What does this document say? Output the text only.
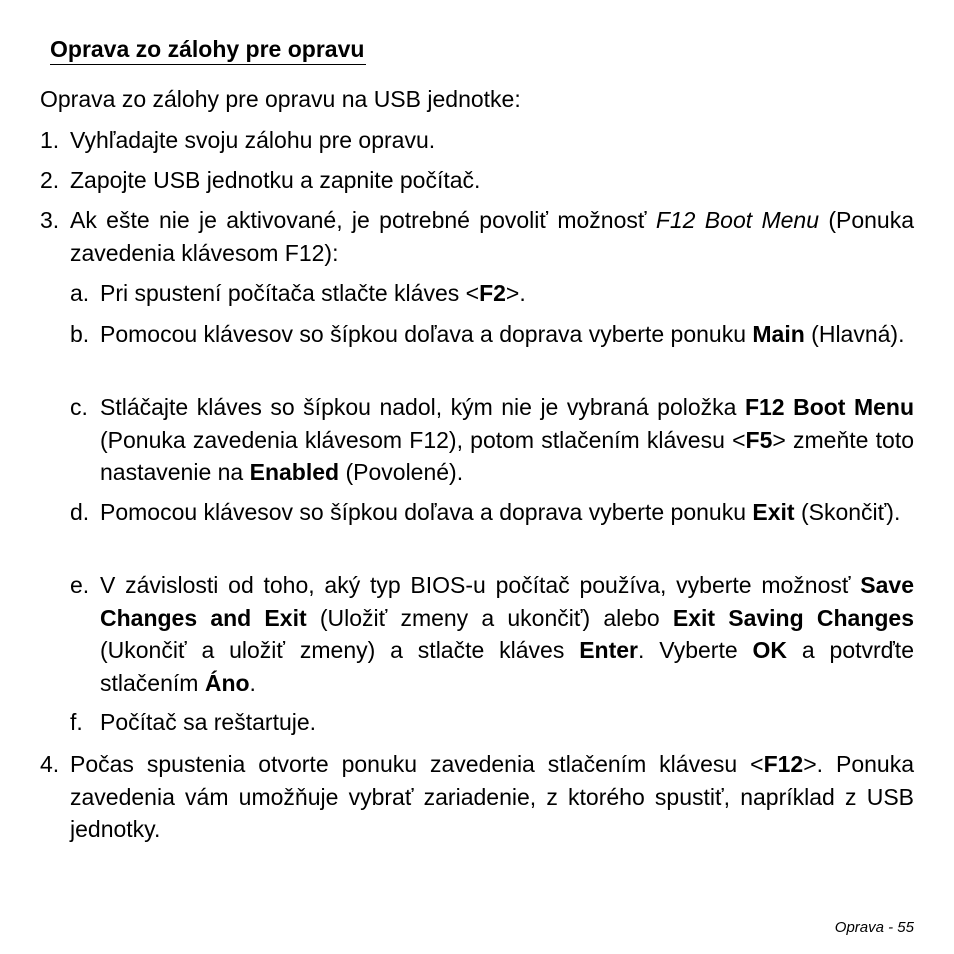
Oprava zo zálohy pre opravu
Oprava zo zálohy pre opravu na USB jednotke:
1. Vyhľadajte svoju zálohu pre opravu.
2. Zapojte USB jednotku a zapnite počítač.
3. Ak ešte nie je aktivované, je potrebné povoliť možnosť F12 Boot Menu (Ponuka zavedenia klávesom F12):
a. Pri spustení počítača stlačte kláves <F2>.
b. Pomocou klávesov so šípkou doľava a doprava vyberte ponuku Main (Hlavná).
c. Stláčajte kláves so šípkou nadol, kým nie je vybraná položka F12 Boot Menu (Ponuka zavedenia klávesom F12), potom stlačením klávesu <F5> zmeňte toto nastavenie na Enabled (Povolené).
d. Pomocou klávesov so šípkou doľava a doprava vyberte ponuku Exit (Skončiť).
e. V závislosti od toho, aký typ BIOS-u počítač používa, vyberte možnosť Save Changes and Exit (Uložiť zmeny a ukončiť) alebo Exit Saving Changes (Ukončiť a uložiť zmeny) a stlačte kláves Enter. Vyberte OK a potvrďte stlačením Áno.
f. Počítač sa reštartuje.
4. Počas spustenia otvorte ponuku zavedenia stlačením klávesu <F12>. Ponuka zavedenia vám umožňuje vybrať zariadenie, z ktorého spustiť, napríklad z USB jednotky.
Oprava - 55
